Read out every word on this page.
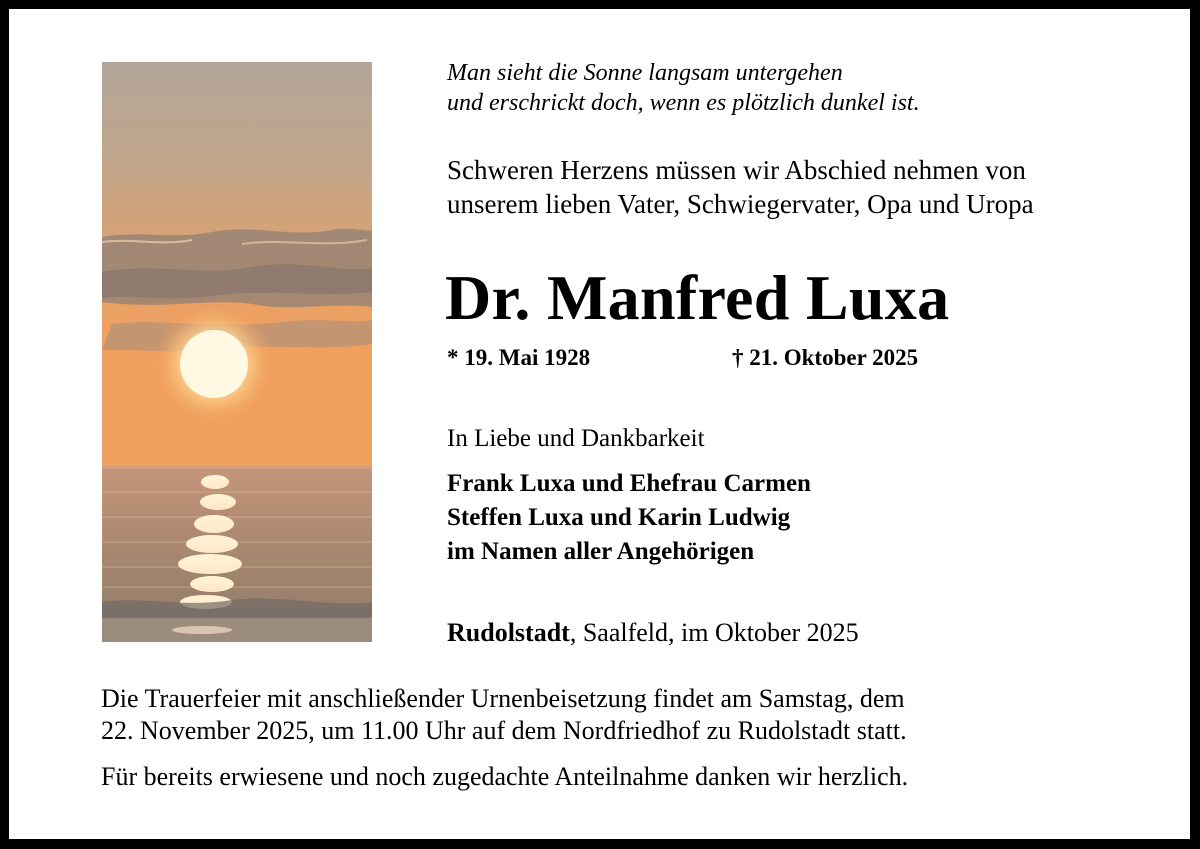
Man sieht die Sonne langsam untergehen
und erschrickt doch, wenn es plötzlich dunkel ist.

Schweren Herzens müssen wir Abschied nehmen von
unserem lieben Vater, Schwiegervater, Opa und Uropa

Dr. Manfred Luxa
* 19. Mai 1928	† 21. Oktober 2025
In Liebe und Dankbarkeit
Frank Luxa und Ehefrau Carmen
Steffen Luxa und Karin Ludwig
im Namen aller Angehörigen
Rudolstadt, Saalfeld, im Oktober 2025

Die Trauerfeier mit anschließender Urnenbeisetzung findet am Samstag, dem
22. November 2025, um 11.00 Uhr auf dem Nordfriedhof zu Rudolstadt statt.

Für bereits erwiesene und noch zugedachte Anteilnahme danken wir herzlich.
